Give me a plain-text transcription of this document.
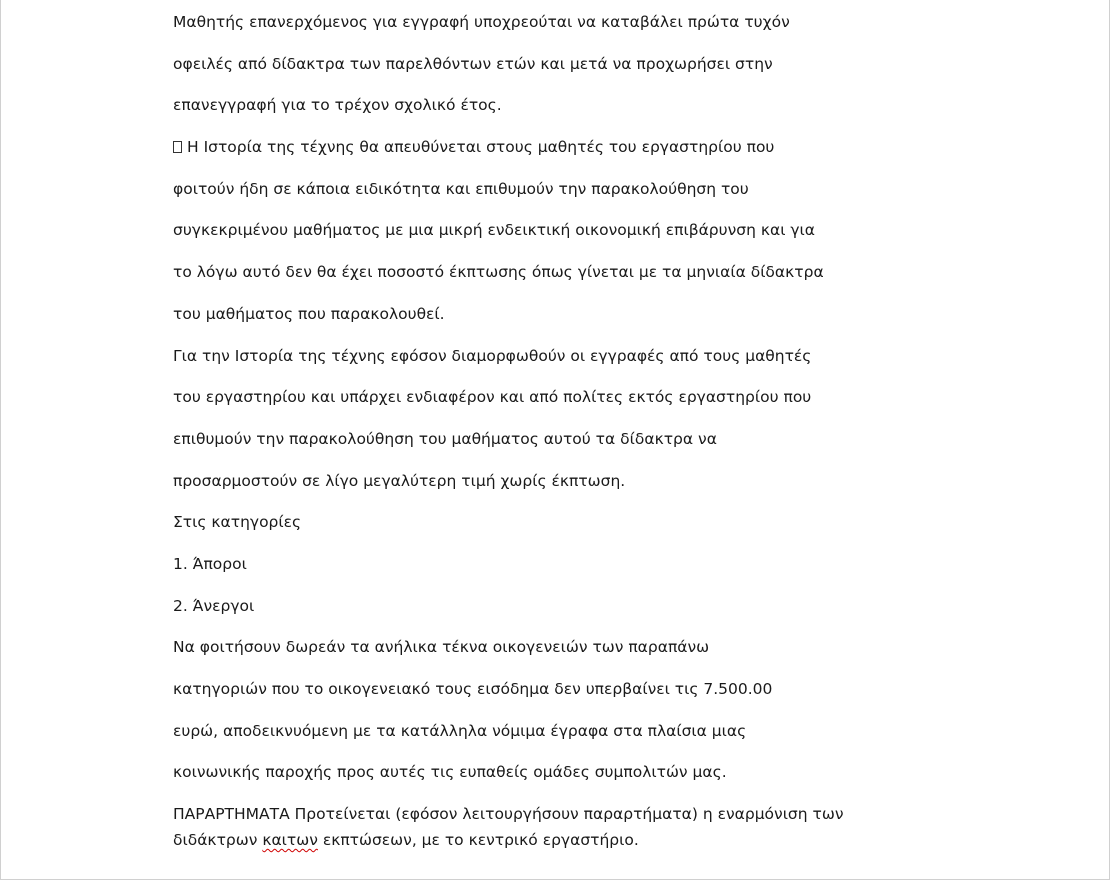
Μαθητής επανερχόμενος για εγγραφή υποχρεούται να καταβάλει πρώτα τυχόν
οφειλές από δίδακτρα των παρελθόντων ετών και μετά να προχωρήσει στην
επανεγγραφή για το τρέχον σχολικό έτος.
Η Ιστορία της τέχνης θα απευθύνεται στους μαθητές του εργαστηρίου που
φοιτούν ήδη σε κάποια ειδικότητα και επιθυμούν την παρακολούθηση του
συγκεκριμένου μαθήματος με μια μικρή ενδεικτική οικονομική επιβάρυνση και για
το λόγω αυτό δεν θα έχει ποσοστό έκπτωσης όπως γίνεται με τα μηνιαία δίδακτρα
του μαθήματος που παρακολουθεί.
Για την Ιστορία της τέχνης εφόσον διαμορφωθούν οι εγγραφές από τους μαθητές
του εργαστηρίου και υπάρχει ενδιαφέρον και από πολίτες εκτός εργαστηρίου που
επιθυμούν την παρακολούθηση του μαθήματος αυτού τα δίδακτρα να
προσαρμοστούν σε λίγο μεγαλύτερη τιμή χωρίς έκπτωση.
Στις κατηγορίες
1. Άποροι
2. Άνεργοι
Να φοιτήσουν δωρεάν τα ανήλικα τέκνα οικογενειών των παραπάνω
κατηγοριών που το οικογενειακό τους εισόδημα δεν υπερβαίνει τις 7.500.00
ευρώ, αποδεικνυόμενη με τα κατάλληλα νόμιμα έγραφα στα πλαίσια μιας
κοινωνικής παροχής προς αυτές τις ευπαθείς ομάδες συμπολιτών μας.
ΠΑΡΑΡΤΗΜΑΤΑ Προτείνεται (εφόσον λειτουργήσουν παραρτήματα) η εναρμόνιση των
διδάκτρων καιτων εκπτώσεων, με το κεντρικό εργαστήριο.
